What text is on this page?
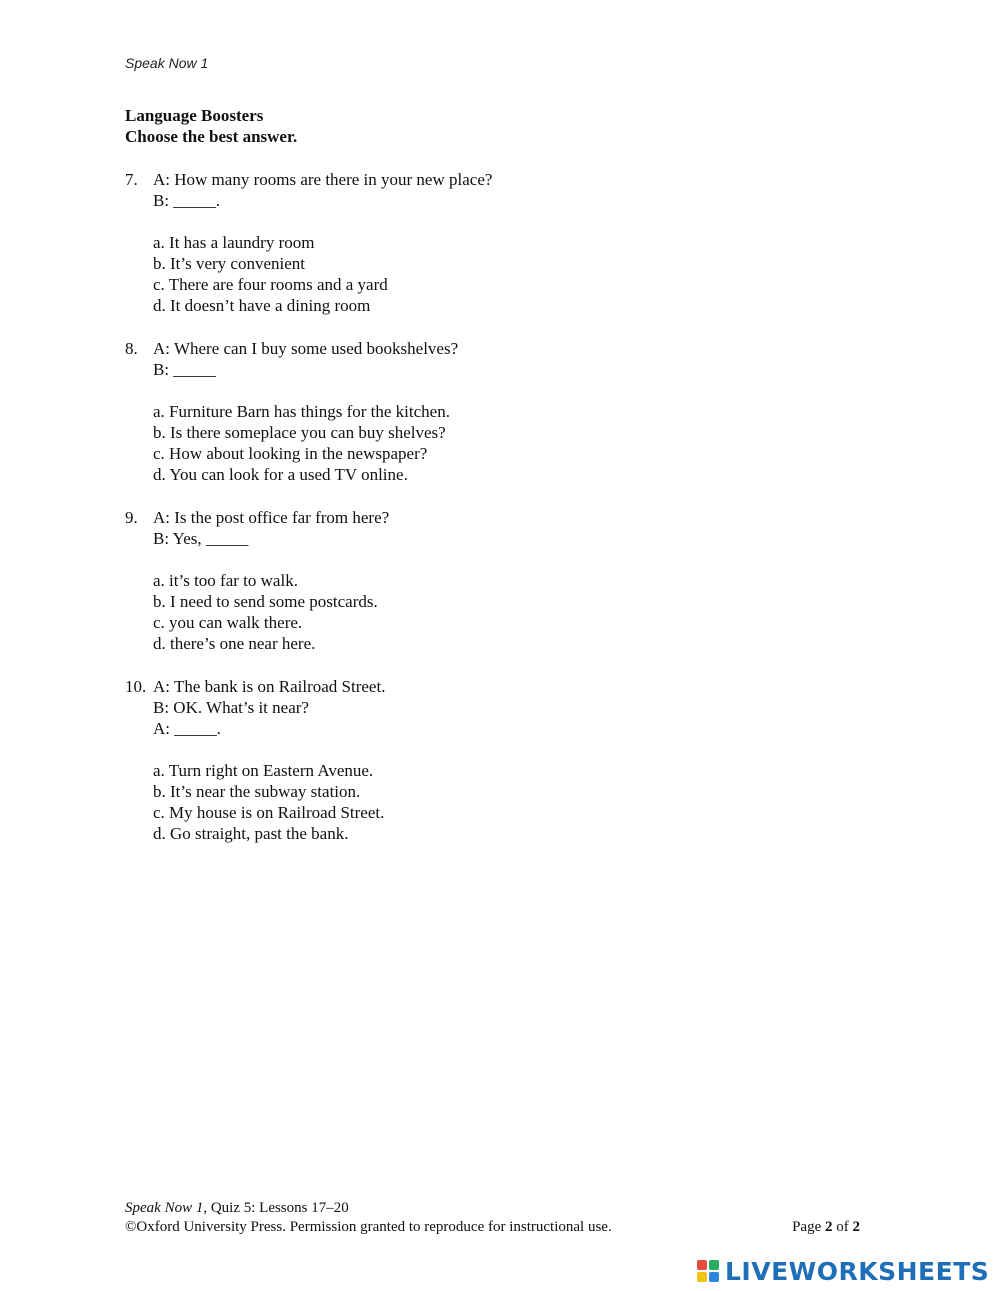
Speak Now 1
Language Boosters
Choose the best answer.
7. A: How many rooms are there in your new place?
B: _____.
a. It has a laundry room
b. It’s very convenient
c. There are four rooms and a yard
d. It doesn’t have a dining room
8. A: Where can I buy some used bookshelves?
B: _____
a. Furniture Barn has things for the kitchen.
b. Is there someplace you can buy shelves?
c. How about looking in the newspaper?
d. You can look for a used TV online.
9. A: Is the post office far from here?
B: Yes, _____
a. it’s too far to walk.
b. I need to send some postcards.
c. you can walk there.
d. there’s one near here.
10. A: The bank is on Railroad Street.
B: OK. What’s it near?
A: _____.
a. Turn right on Eastern Avenue.
b. It’s near the subway station.
c. My house is on Railroad Street.
d. Go straight, past the bank.
Speak Now 1, Quiz 5: Lessons 17–20
©Oxford University Press. Permission granted to reproduce for instructional use.	Page 2 of 2
LIVEWORKSHEETS
